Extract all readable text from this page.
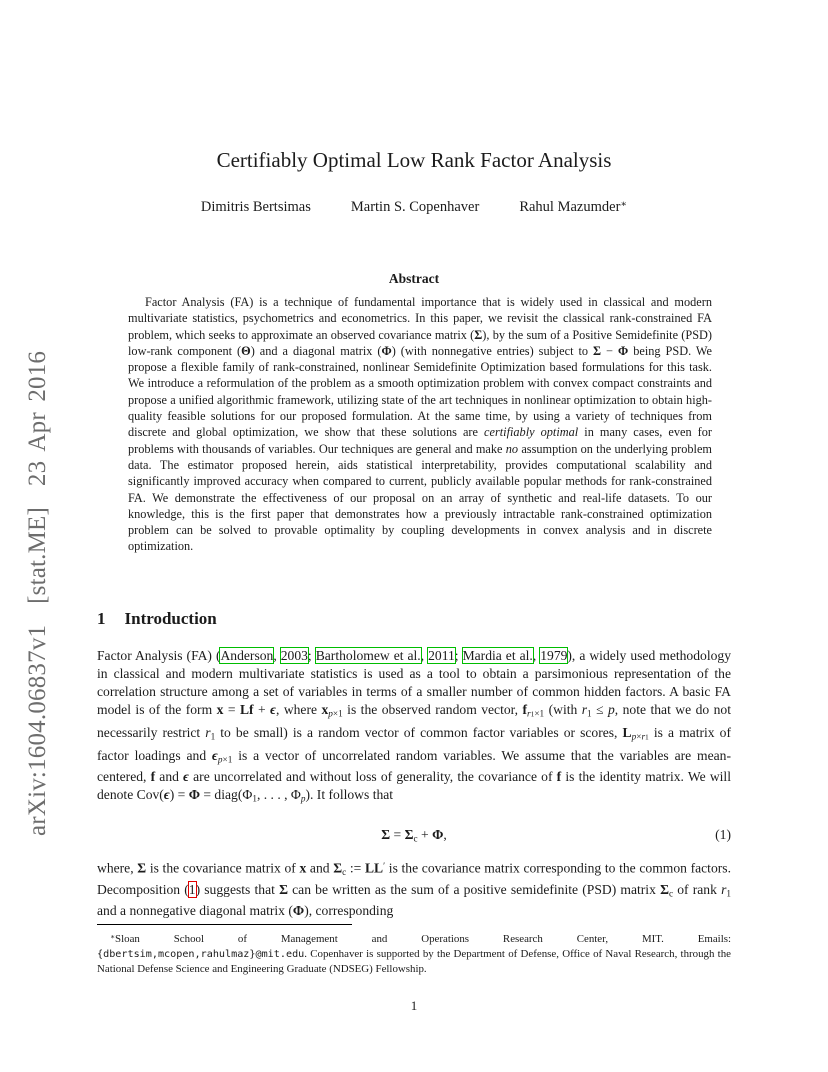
arXiv:1604.06837v1  [stat.ME]  23 Apr 2016
Certifiably Optimal Low Rank Factor Analysis
Dimitris Bertsimas	Martin S. Copenhaver	Rahul Mazumder∗
Abstract

Factor Analysis (FA) is a technique of fundamental importance that is widely used in classical and modern multivariate statistics, psychometrics and econometrics. In this paper, we revisit the classical rank-constrained FA problem, which seeks to approximate an observed covariance matrix (Σ), by the sum of a Positive Semidefinite (PSD) low-rank component (Θ) and a diagonal matrix (Φ) (with nonnegative entries) subject to Σ − Φ being PSD. We propose a flexible family of rank-constrained, nonlinear Semidefinite Optimization based formulations for this task. We introduce a reformulation of the problem as a smooth optimization problem with convex compact constraints and propose a unified algorithmic framework, utilizing state of the art techniques in nonlinear optimization to obtain high-quality feasible solutions for our proposed formulation. At the same time, by using a variety of techniques from discrete and global optimization, we show that these solutions are certifiably optimal in many cases, even for problems with thousands of variables. Our techniques are general and make no assumption on the underlying problem data. The estimator proposed herein, aids statistical interpretability, provides computational scalability and significantly improved accuracy when compared to current, publicly available popular methods for rank-constrained FA. We demonstrate the effectiveness of our proposal on an array of synthetic and real-life datasets. To our knowledge, this is the first paper that demonstrates how a previously intractable rank-constrained optimization problem can be solved to provable optimality by coupling developments in convex analysis and in discrete optimization.

1 Introduction

Factor Analysis (FA) (Anderson, 2003; Bartholomew et al., 2011; Mardia et al., 1979), a widely used methodology in classical and modern multivariate statistics is used as a tool to obtain a parsimonious representation of the correlation structure among a set of variables in terms of a smaller number of common hidden factors. A basic FA model is of the form x = Lf + ϵ, where xp×1 is the observed random vector, fr1×1 (with r1 ≤ p, note that we do not necessarily restrict r1 to be small) is a random vector of common factor variables or scores, Lp×r1 is a matrix of factor loadings and ϵp×1 is a vector of uncorrelated random variables. We assume that the variables are mean-centered, f and ϵ are uncorrelated and without loss of generality, the covariance of f is the identity matrix. We will denote Cov(ϵ) = Φ = diag(Φ1, . . . , Φp). It follows that

Σ = Σc + Φ,	(1)

where, Σ is the covariance matrix of x and Σc := LL′ is the covariance matrix corresponding to the common factors. Decomposition (1) suggests that Σ can be written as the sum of a positive semidefinite (PSD) matrix Σc of rank r1 and a nonnegative diagonal matrix (Φ), corresponding

∗Sloan School of Management and Operations Research Center, MIT. Emails:
{dbertsim,mcopen,rahulmaz}@mit.edu. Copenhaver is supported by the Department of Defense, Office of Naval Research, through the National Defense Science and Engineering Graduate (NDSEG) Fellowship.
1
